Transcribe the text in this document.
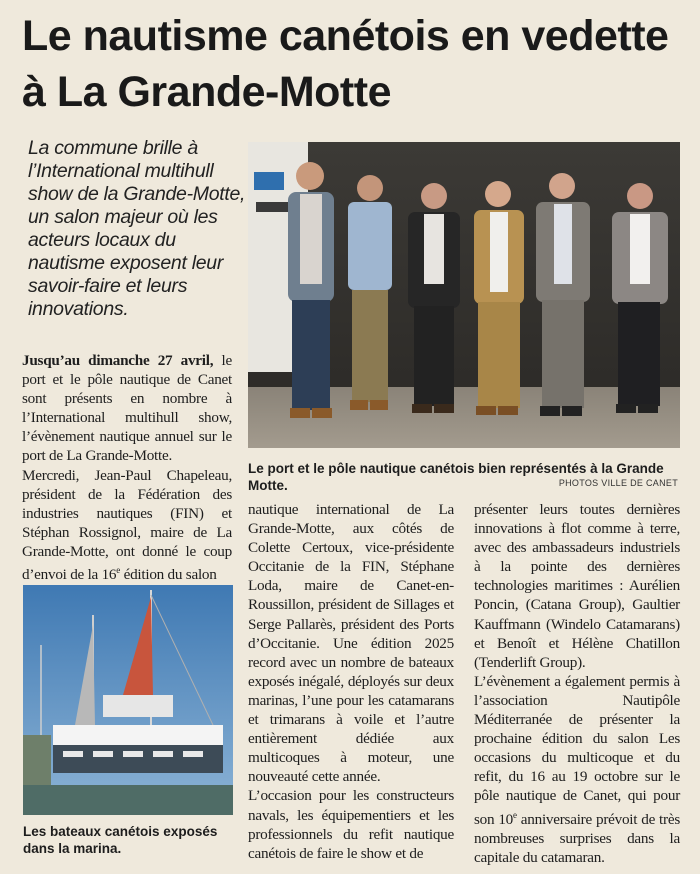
Le nautisme canétois en vedette à La Grande-Motte
La commune brille à l’International multihull show de la Grande-Motte, un salon majeur où les acteurs locaux du nautisme exposent leur savoir-faire et leurs innovations.
Le port et le pôle nautique canétois bien représentés à la Grande Motte.	PHOTOS VILLE DE CANET

Jusqu’au dimanche 27 avril, le port et le pôle nautique de Canet sont présents en nombre à l’International multihull show, l’évènement nautique annuel sur le port de La Grande-Motte.

Mercredi, Jean-Paul Chapeleau, président de la Fédération des industries nautiques (FIN) et Stéphan Rossignol, maire de La Grande-Motte, ont donné le coup d’envoi de la 16e édition du salon

Les bateaux canétois exposés dans la marina.

nautique international de La Grande-Motte, aux côtés de Colette Certoux, vice-présidente Occitanie de la FIN, Stéphane Loda, maire de Canet-en-Roussillon, président de Sillages et Serge Pallarès, président des Ports d’Occitanie. Une édition 2025 record avec un nombre de bateaux exposés inégalé, déployés sur deux marinas, l’une pour les catamarans et trimarans à voile et l’autre entièrement dédiée aux multicoques à moteur, une nouveauté cette année.

L’occasion pour les constructeurs navals, les équipementiers et les professionnels du refit nautique canétois de faire le show et de

présenter leurs toutes dernières innovations à flot comme à terre, avec des ambassadeurs industriels à la pointe des dernières technologies maritimes : Aurélien Poncin, (Catana Group), Gaultier Kauffmann (Windelo Catamarans) et Benoît et Hélène Chatillon (Tenderlift Group).

L’évènement a également permis à l’association Nautipôle Méditerranée de présenter la prochaine édition du salon Les occasions du multicoque et du refit, du 16 au 19 octobre sur le pôle nautique de Canet, qui pour son 10e anniversaire prévoit de très nombreuses surprises dans la capitale du catamaran.
